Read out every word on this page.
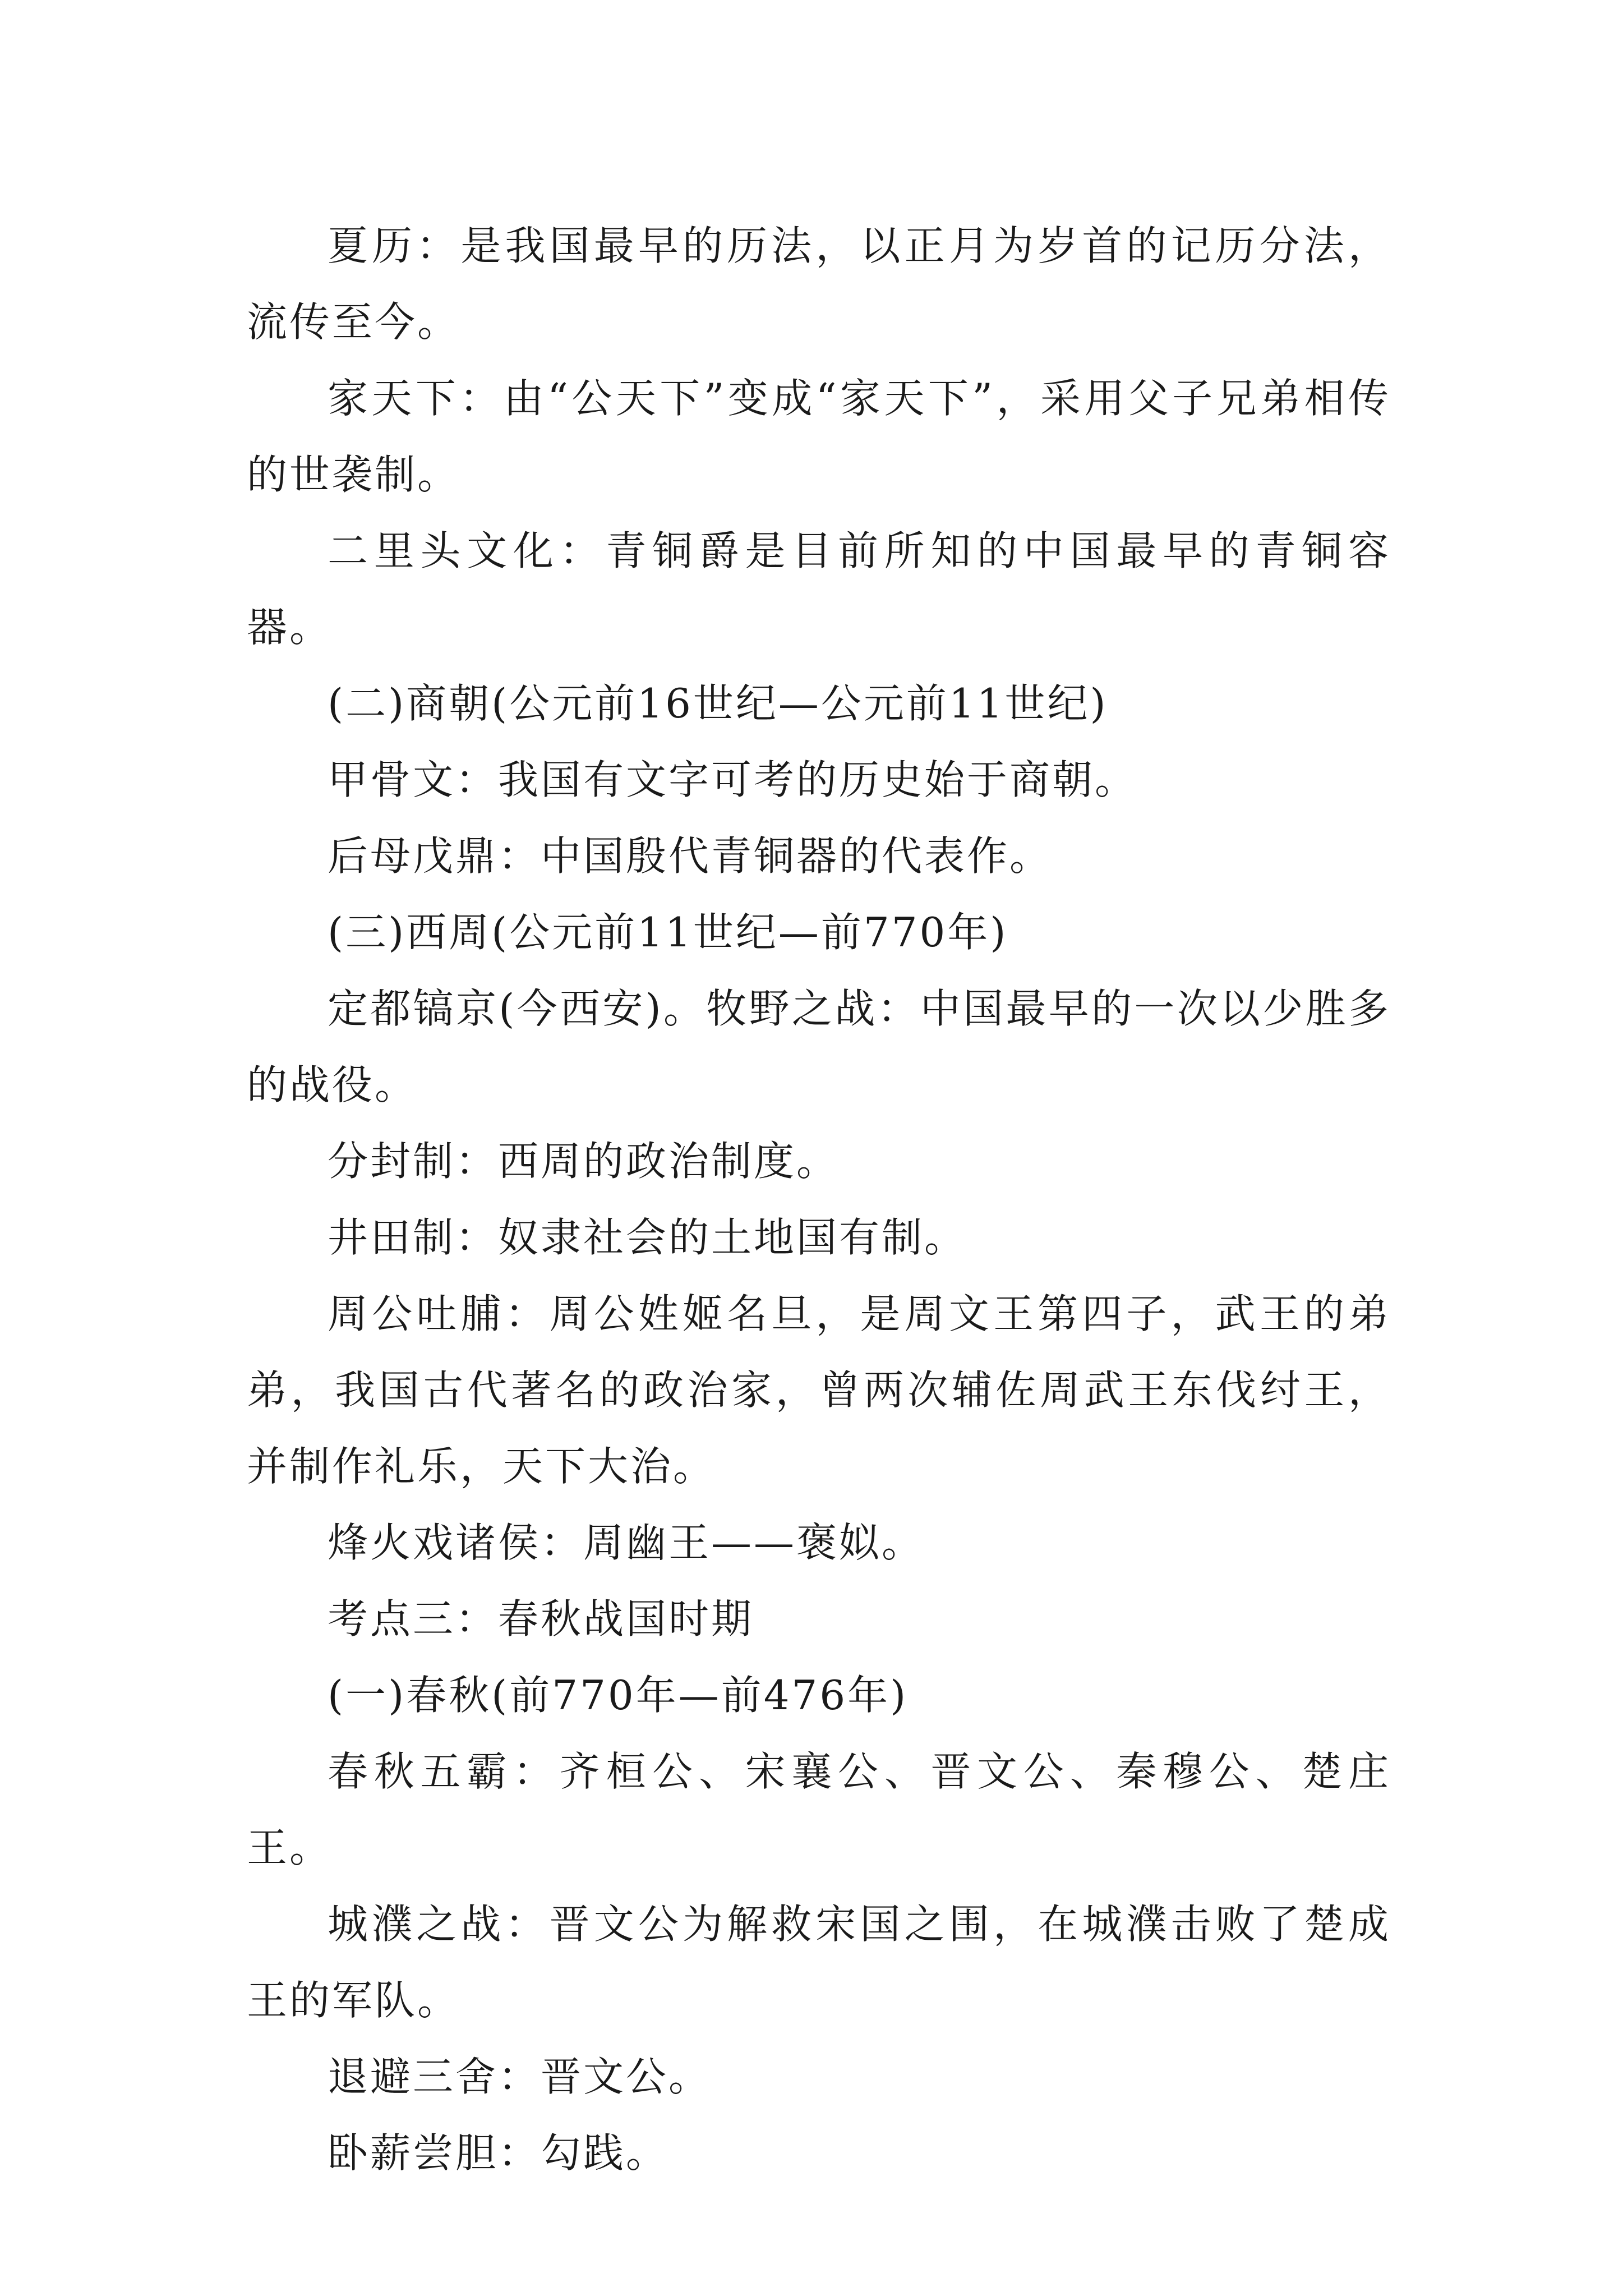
夏历：是我国最早的历法，以正月为岁首的记历分法，流传至今。

家天下：由“公天下”变成“家天下”，采用父子兄弟相传的世袭制。

二里头文化：青铜爵是目前所知的中国最早的青铜容器。

(二)商朝(公元前16世纪—公元前11世纪)

甲骨文：我国有文字可考的历史始于商朝。

后母戊鼎：中国殷代青铜器的代表作。

(三)西周(公元前11世纪—前770年)

定都镐京(今西安)。牧野之战：中国最早的一次以少胜多的战役。

分封制：西周的政治制度。

井田制：奴隶社会的土地国有制。

周公吐脯：周公姓姬名旦，是周文王第四子，武王的弟弟，我国古代著名的政治家，曾两次辅佐周武王东伐纣王，并制作礼乐，天下大治。

烽火戏诸侯：周幽王——褒姒。

考点三：春秋战国时期

(一)春秋(前770年—前476年)

春秋五霸：齐桓公、宋襄公、晋文公、秦穆公、楚庄王。

城濮之战：晋文公为解救宋国之围，在城濮击败了楚成王的军队。

退避三舍：晋文公。

卧薪尝胆：勾践。
